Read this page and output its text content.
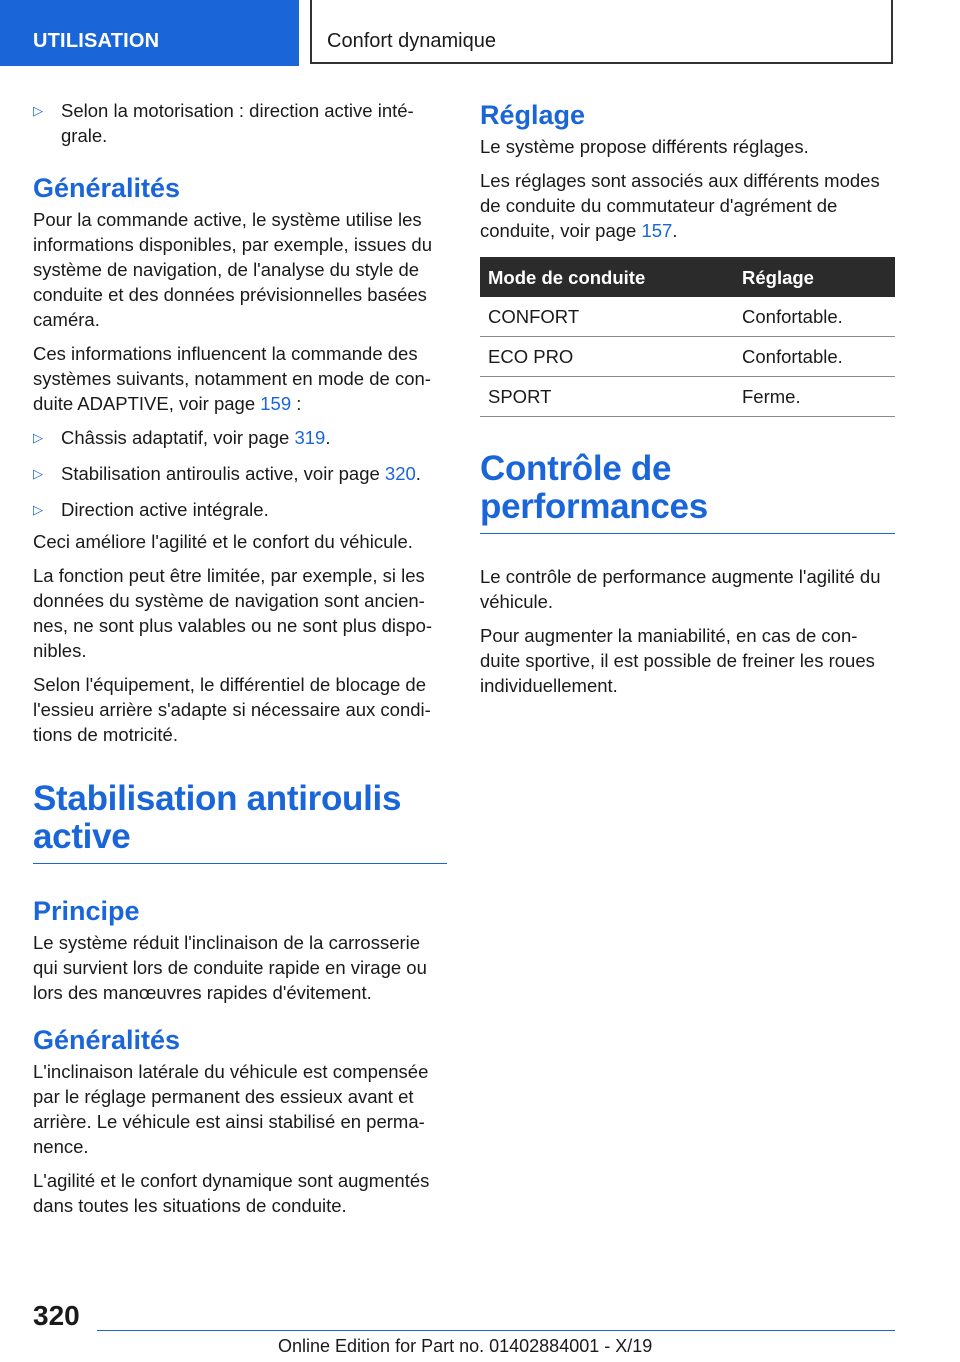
UTILISATION	Confort dynamique
▷ Selon la motorisation : direction active inté-grale.
Généralités

Pour la commande active, le système utilise les informations disponibles, par exemple, issues du système de navigation, de l'analyse du style de conduite et des données prévisionnelles basées caméra.

Ces informations influencent la commande des systèmes suivants, notamment en mode de con-duite ADAPTIVE, voir page 159 :

▷ Châssis adaptatif, voir page 319.
▷ Stabilisation antiroulis active, voir page 320.
▷ Direction active intégrale.

Ceci améliore l'agilité et le confort du véhicule.

La fonction peut être limitée, par exemple, si les données du système de navigation sont ancien-nes, ne sont plus valables ou ne sont plus dispo-nibles.

Selon l'équipement, le différentiel de blocage de l'essieu arrière s'adapte si nécessaire aux condi-tions de motricité.

Stabilisation antiroulis active
Principe

Le système réduit l'inclinaison de la carrosserie qui survient lors de conduite rapide en virage ou lors des manœuvres rapides d'évitement.

Généralités

L'inclinaison latérale du véhicule est compensée par le réglage permanent des essieux avant et arrière. Le véhicule est ainsi stabilisé en perma-nence.

L'agilité et le confort dynamique sont augmentés dans toutes les situations de conduite.

Réglage

Le système propose différents réglages.

Les réglages sont associés aux différents modes de conduite du commutateur d'agrément de conduite, voir page 157.

Mode de conduite	Réglage
CONFORT	Confortable.
ECO PRO	Confortable.
SPORT	Ferme.
Contrôle de performances

Le contrôle de performance augmente l'agilité du véhicule.

Pour augmenter la maniabilité, en cas de con-duite sportive, il est possible de freiner les roues individuellement.

320
Online Edition for Part no. 01402884001 - X/19
